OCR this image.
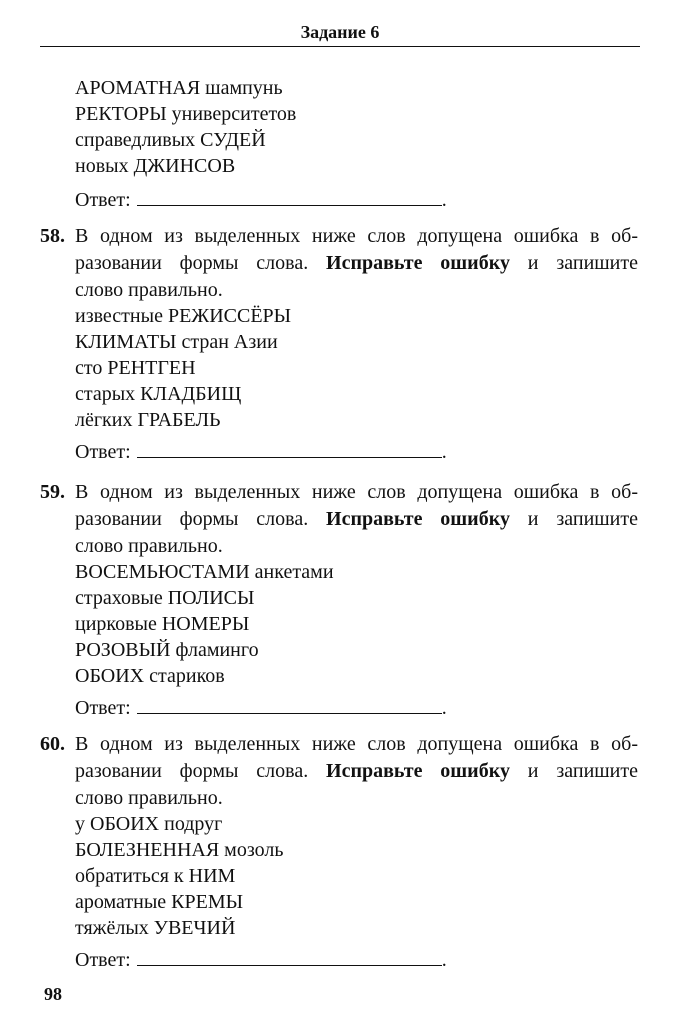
Задание 6
АРОМАТНАЯ шампунь
РЕКТОРЫ университетов
справедливых СУДЕЙ
новых ДЖИНСОВ
Ответ:	.
58. В одном из выделенных ниже слов допущена ошибка в об-
разовании формы слова. Исправьте ошибку и запишите
слово правильно.
известные РЕЖИССЁРЫ
КЛИМАТЫ стран Азии
сто РЕНТГЕН
старых КЛАДБИЩ
лёгких ГРАБЕЛЬ
Ответ:	.
59. В одном из выделенных ниже слов допущена ошибка в об-
разовании формы слова. Исправьте ошибку и запишите
слово правильно.
ВОСЕМЬЮСТАМИ анкетами
страховые ПОЛИСЫ
цирковые НОМЕРЫ
РОЗОВЫЙ фламинго
ОБОИХ стариков
Ответ:	.
60. В одном из выделенных ниже слов допущена ошибка в об-
разовании формы слова. Исправьте ошибку и запишите
слово правильно.
у ОБОИХ подруг
БОЛЕЗНЕННАЯ мозоль
обратиться к НИМ
ароматные КРЕМЫ
тяжёлых УВЕЧИЙ
Ответ:	.
98
